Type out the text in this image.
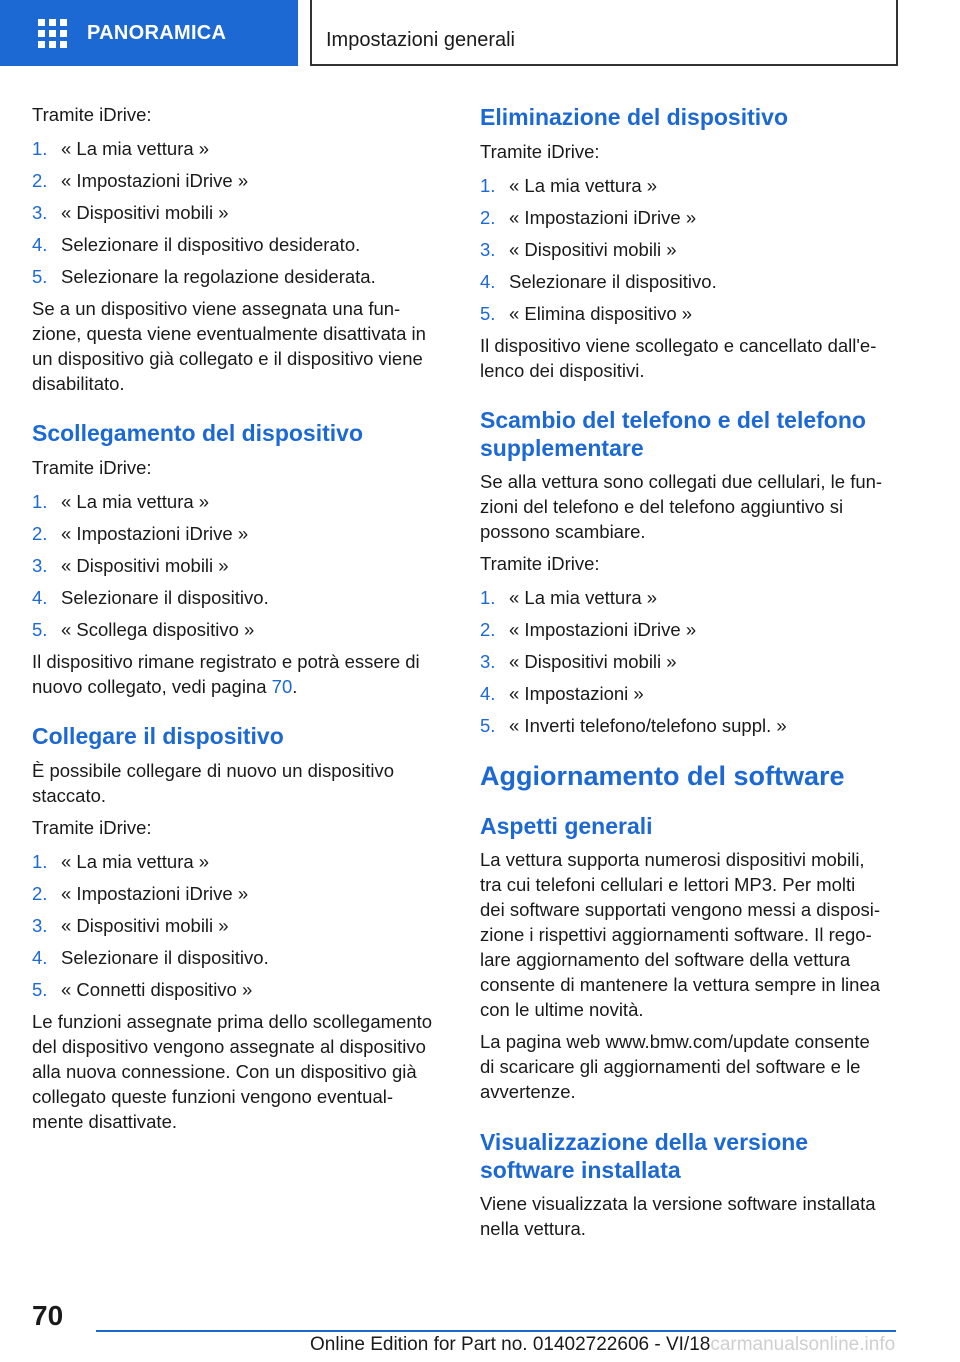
PANORAMICA	Impostazioni generali

Tramite iDrive:

1. « La mia vettura »
2. « Impostazioni iDrive »
3. « Dispositivi mobili »
4. Selezionare il dispositivo desiderato.
5. Selezionare la regolazione desiderata.

Se a un dispositivo viene assegnata una fun‐

zione, questa viene eventualmente disattivata in

un dispositivo già collegato e il dispositivo viene

disabilitato.

Scollegamento del dispositivo

Tramite iDrive:

1. « La mia vettura »
2. « Impostazioni iDrive »
3. « Dispositivi mobili »
4. Selezionare il dispositivo.
5. « Scollega dispositivo »

Il dispositivo rimane registrato e potrà essere di

nuovo collegato, vedi pagina 70.

Collegare il dispositivo

È possibile collegare di nuovo un dispositivo

staccato.

Tramite iDrive:

1. « La mia vettura »
2. « Impostazioni iDrive »
3. « Dispositivi mobili »
4. Selezionare il dispositivo.
5. « Connetti dispositivo »

Le funzioni assegnate prima dello scollegamento

del dispositivo vengono assegnate al dispositivo

alla nuova connessione. Con un dispositivo già

collegato queste funzioni vengono eventual‐

mente disattivate.

Eliminazione del dispositivo

Tramite iDrive:

1. « La mia vettura »
2. « Impostazioni iDrive »
3. « Dispositivi mobili »
4. Selezionare il dispositivo.
5. « Elimina dispositivo »

Il dispositivo viene scollegato e cancellato dall'e‐

lenco dei dispositivi.

Scambio del telefono e del telefono
supplementare

Se alla vettura sono collegati due cellulari, le fun‐

zioni del telefono e del telefono aggiuntivo si

possono scambiare.

Tramite iDrive:

1. « La mia vettura »
2. « Impostazioni iDrive »
3. « Dispositivi mobili »
4. « Impostazioni »
5. « Inverti telefono/telefono suppl. »
Aggiornamento del software
Aspetti generali

La vettura supporta numerosi dispositivi mobili,

tra cui telefoni cellulari e lettori MP3. Per molti

dei software supportati vengono messi a disposi‐

zione i rispettivi aggiornamenti software. Il rego‐

lare aggiornamento del software della vettura

consente di mantenere la vettura sempre in linea

con le ultime novità.

La pagina web www.bmw.com/update consente

di scaricare gli aggiornamenti del software e le

avvertenze.

Visualizzazione della versione
software installata

Viene visualizzata la versione software installata

nella vettura.

70
Online Edition for Part no. 01402722606 - VI/18carmanualsonline.info
